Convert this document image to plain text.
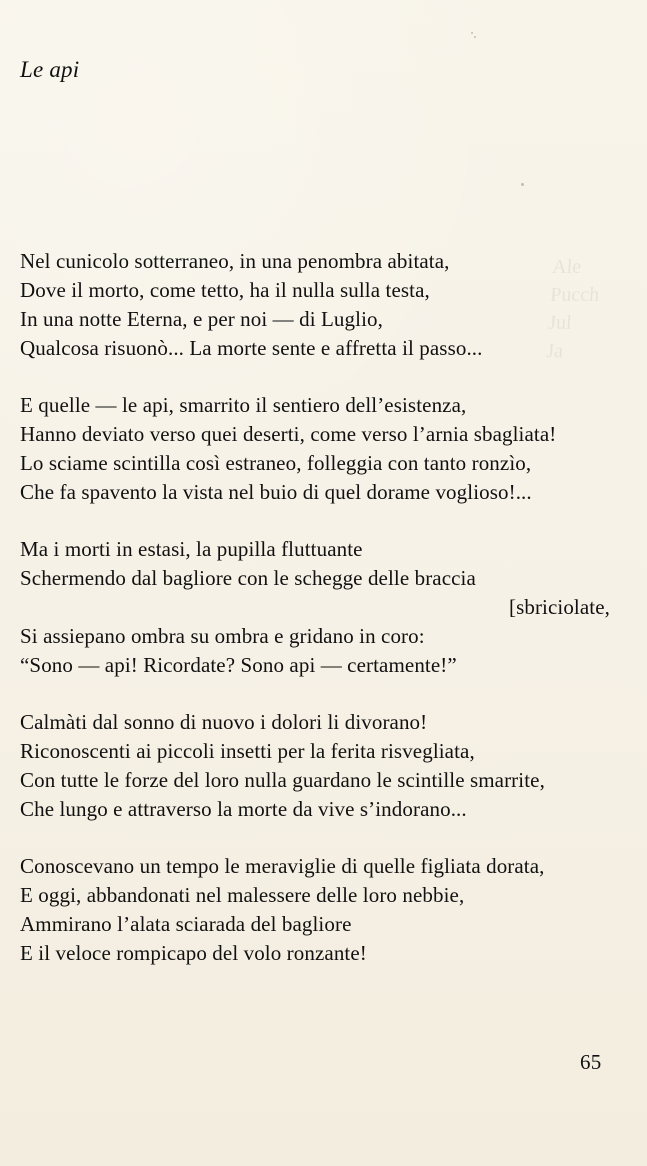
Ale
Pucch
Jul
Ja
Le api
Nel cunicolo sotterraneo, in una penombra abitata,
Dove il morto, come tetto, ha il nulla sulla testa,
In una notte Eterna, e per noi — di Luglio,
Qualcosa risuonò... La morte sente e affretta il passo...
E quelle — le api, smarrito il sentiero dell’esistenza,
Hanno deviato verso quei deserti, come verso l’arnia sbagliata!
Lo sciame scintilla così estraneo, folleggia con tanto ronzìo,
Che fa spavento la vista nel buio di quel dorame voglioso!...
Ma i morti in estasi, la pupilla fluttuante
Schermendo dal bagliore con le schegge delle braccia
[sbriciolate,
Si assiepano ombra su ombra e gridano in coro:
“Sono — api! Ricordate? Sono api — certamente!”
Calmàti dal sonno di nuovo i dolori li divorano!
Riconoscenti ai piccoli insetti per la ferita risvegliata,
Con tutte le forze del loro nulla guardano le scintille smarrite,
Che lungo e attraverso la morte da vive s’indorano...
Conoscevano un tempo le meraviglie di quelle figliata dorata,
E oggi, abbandonati nel malessere delle loro nebbie,
Ammirano l’alata sciarada del bagliore
E il veloce rompicapo del volo ronzante!
65
